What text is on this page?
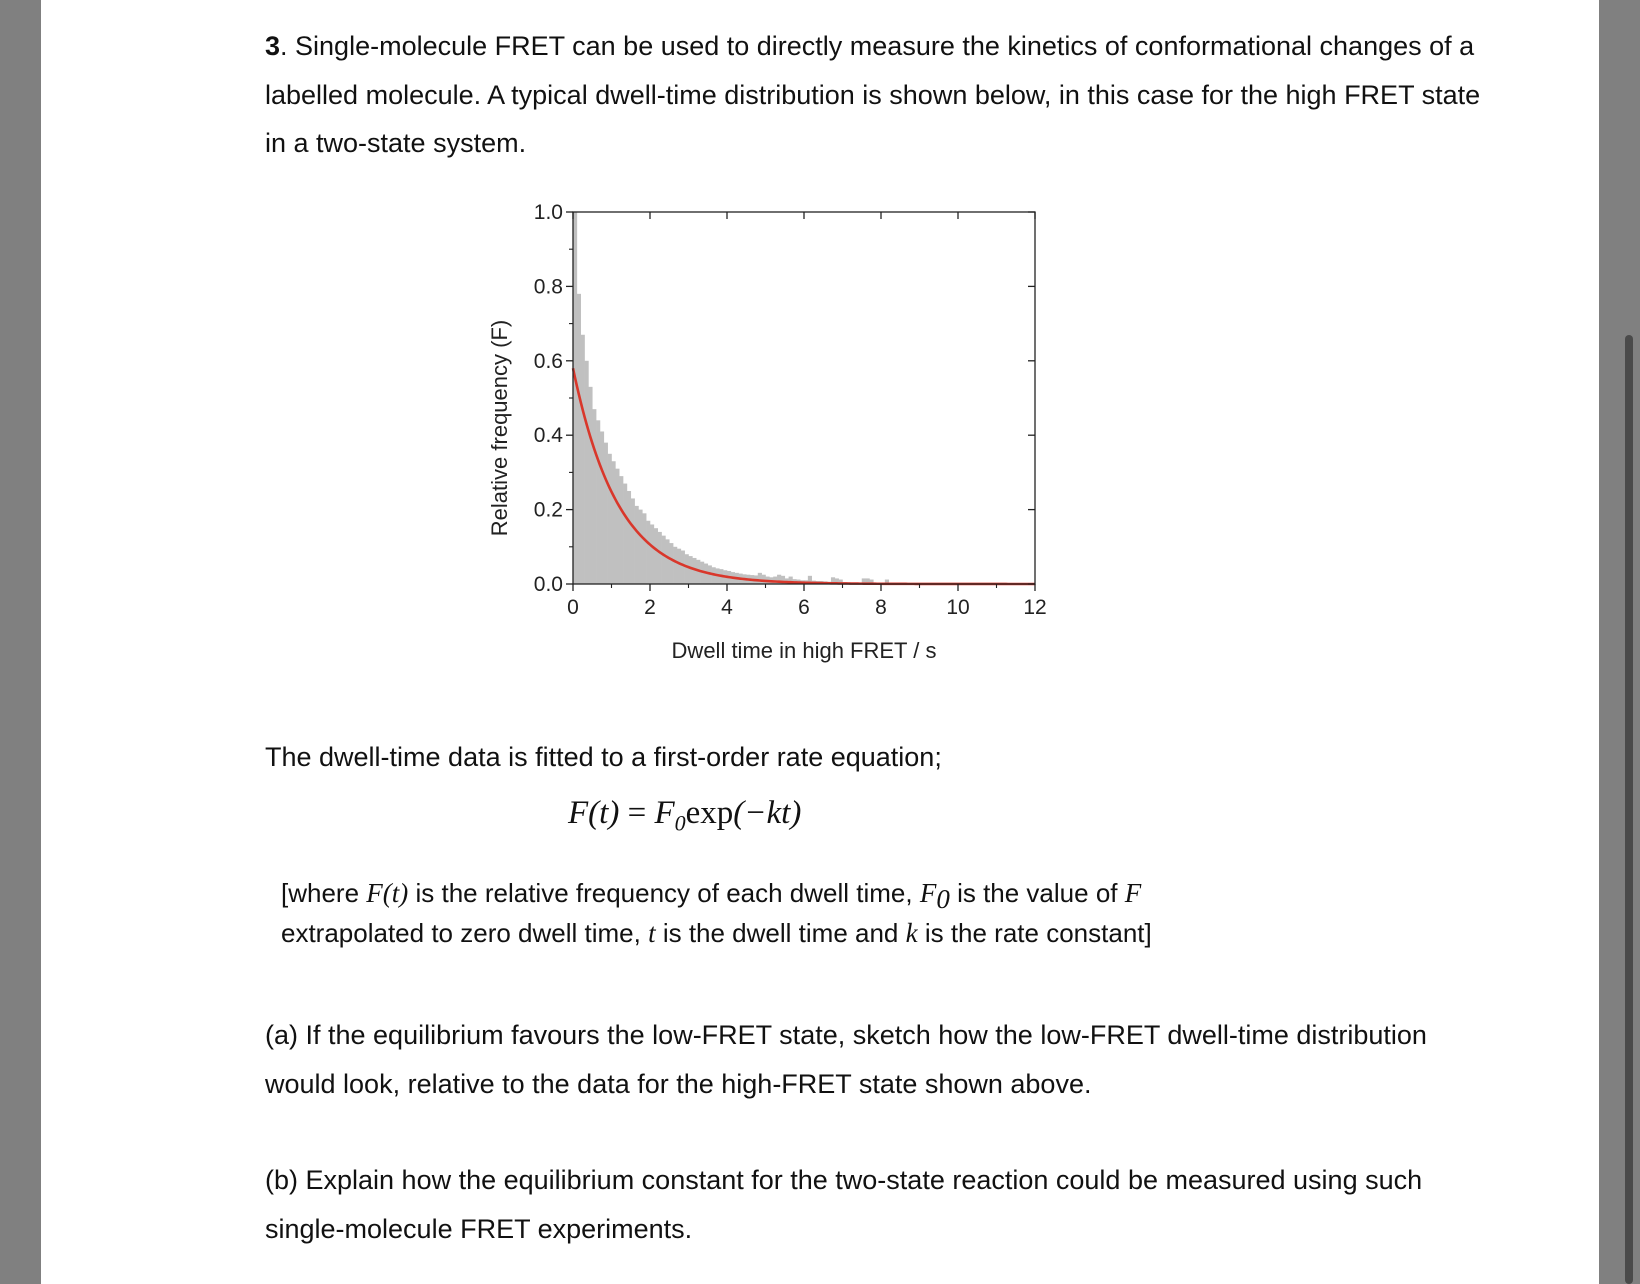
3. Single-molecule FRET can be used to directly measure the kinetics of conformational changes of a labelled molecule. A typical dwell-time distribution is shown below, in this case for the high FRET state in a two-state system.

0	2	4	6	8	10	12
0.0
0.2
0.4
0.6
0.8
1.0
Dwell time in high FRET / s
Relative frequency (F)

The dwell-time data is fitted to a first-order rate equation;

$F(t) = F_0\exp(-kt)$

[where F(t) is the relative frequency of each dwell time, $F_0$ is the value of F
extrapolated to zero dwell time, t is the dwell time and k is the rate constant]

(a) If the equilibrium favours the low-FRET state, sketch how the low-FRET dwell-time distribution would look, relative to the data for the high-FRET state shown above.

(b) Explain how the equilibrium constant for the two-state reaction could be measured using such single-molecule FRET experiments.
